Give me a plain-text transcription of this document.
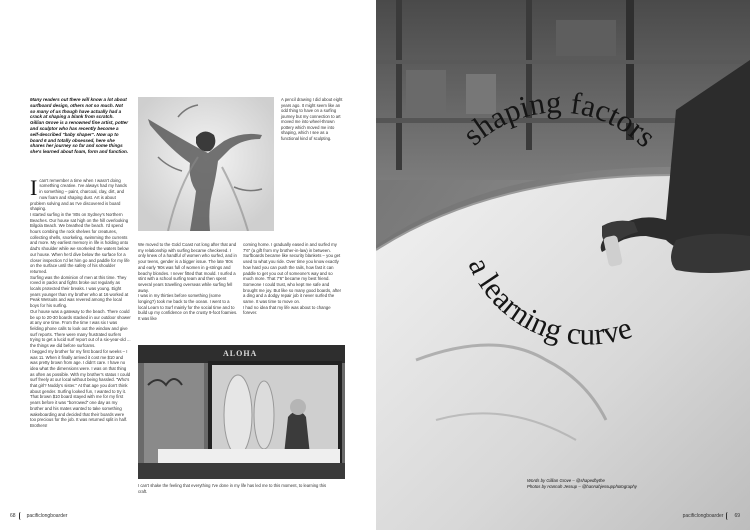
Many readers out there will know a lot about surfboard design, others not so much. Not so many of us though have actually had a crack at shaping a blank from scratch. Gillian Grove is a renowned fine artist, potter and sculptor who has recently become a self-described "baby shaper". Now up to board 6 and totally obsessed, here she shares her journey so far and some things she's learned about foam, form and function.
A pencil drawing I did about eight years ago. It might seem like an odd thing to have on a surfing journey but my connection to art moved me into wheel-thrown pottery which moved me into shaping, which I see as a functional kind of sculpting.

Ican't remember a time when I wasn't doing something creative. I've always had my hands in something – paint, charcoal, clay, dirt, and now foam and shaping dust. Art is about problem solving and as I've discovered is board shaping.
I started surfing in the '80s on Sydney's Northern Beaches. Our house sat high on the hill overlooking Bilgola Beach. We breathed the beach. I'd spend hours combing the rock shelves for creatures, collecting shells, snorkeling, swimming the currents and more. My earliest memory in life is holding onto dad's shoulder while we snorkeled the waters below our house. When he'd dive below the surface for a closer inspection I'd let him go and paddle for my life on the surface until the safety of his shoulder returned.
Surfing was the dominion of men at this time. They roved in packs and fights broke out regularly as locals protected their breaks. I was young. Eight years younger than my brother who at 16 worked at Peak Wetsuits and was revered among the local boys for his surfing.
Our house was a gateway to the beach. There could be up to 20-30 boards stacked in our outdoor shower at any one time. From the time I was six I was fielding phone calls to look out the window and give surf reports. There were many frustrated surfers trying to get a lucid surf report out of a six-year-old ... the things we did before surfcams.
I begged my brother for my first board for weeks – I was 11. When it finally arrived it cost me $10 and was pretty brown from age. I didn't care. I have no idea what the dimensions were. I was on that thing as often as possible. With my brother's status I could surf freely at our local without being hassled. "Who's that girl? Noddy's sister." At that age you don't think about gender. Surfing looked fun, I wanted to try it.
That brown $10 board stayed with me for my first years before it was "borrowed" one day as my brother and his mates wanted to take something wakeboarding and decided that their boards were too precious for the job. It was returned split in half. Brothers!

We moved to the Gold Coast not long after that and my relationship with surfing became checkered. I only knew of a handful of women who surfed, and in your teens, gender is a bigger issue. The late '80s and early '90s was full of women in g-strings and beachy blondes. I never fitted that mould. I surfed a stint with a school surfing team and then spent several years travelling overseas while surfing fell away.
I was in my thirties before something (some longing?) took me back to the ocean. I went to a local Learn to Surf mainly for the social time and to build up my confidence on the crusty 9-foot foamies. It was like
coming home. I gradually eased in and surfed my 7'6" (a gift from my brother-in-law) in between.
Surfboards became like security blankets – you get used to what you ride. Over time you know exactly how hard you can push the rails, how fast it can paddle to get you out of someone's way and so much more. That 7'6" became my best friend. Someone I could trust, who kept me safe and brought me joy. But like so many good boards, after a ding and a dodgy repair job it never surfed the same. It was time to move on.
I had no idea that my life was about to change forever.
ALOHA
I can't shake the feeling that everything I've done in my life has led me to this moment, to learning this craft.
68 pacificlongboarder
shaping factors
a learning curve
pacificlongboarder 69
Words by Gillian Grove – @shapedbythe
Photos by Hannah Jessup – @hannahjessupphotography
